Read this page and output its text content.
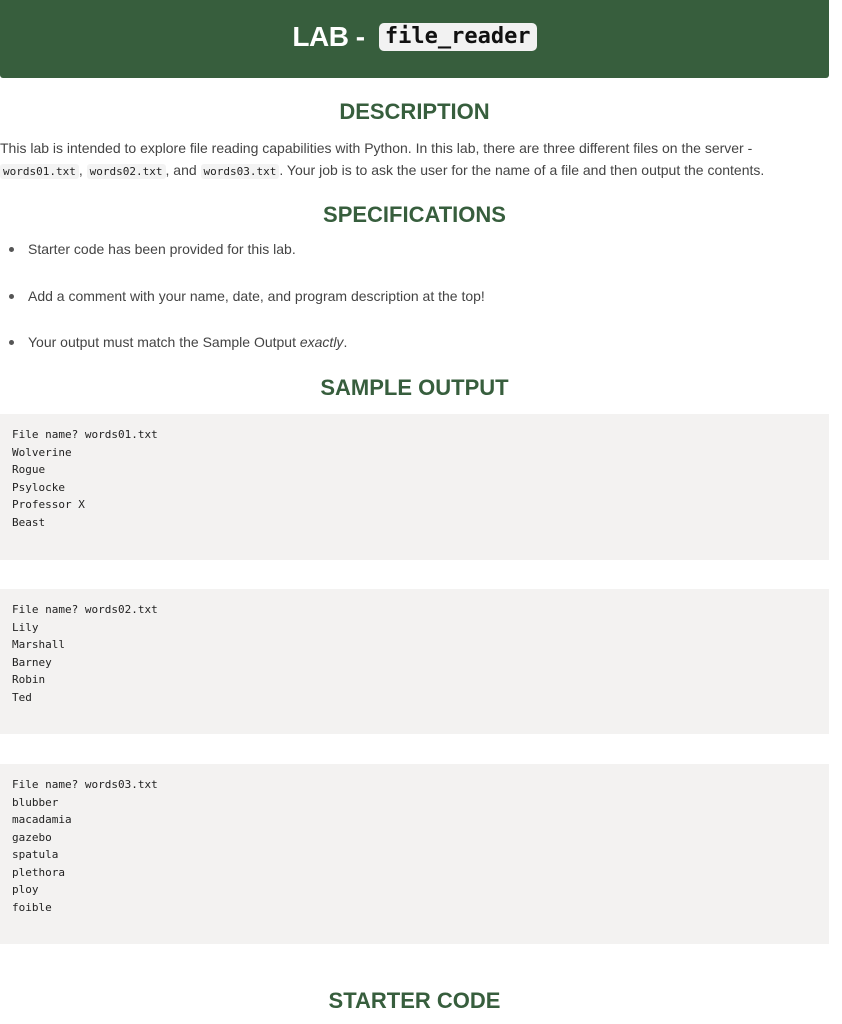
LAB - file_reader
DESCRIPTION
This lab is intended to explore file reading capabilities with Python. In this lab, there are three different files on the server - words01.txt , words02.txt , and words03.txt . Your job is to ask the user for the name of a file and then output the contents.
SPECIFICATIONS
Starter code has been provided for this lab.
Add a comment with your name, date, and program description at the top!
Your output must match the Sample Output exactly.
SAMPLE OUTPUT
File name? words01.txt
Wolverine
Rogue
Psylocke
Professor X
Beast
File name? words02.txt
Lily
Marshall
Barney
Robin
Ted
File name? words03.txt
blubber
macadamia
gazebo
spatula
plethora
ploy
foible
STARTER CODE
